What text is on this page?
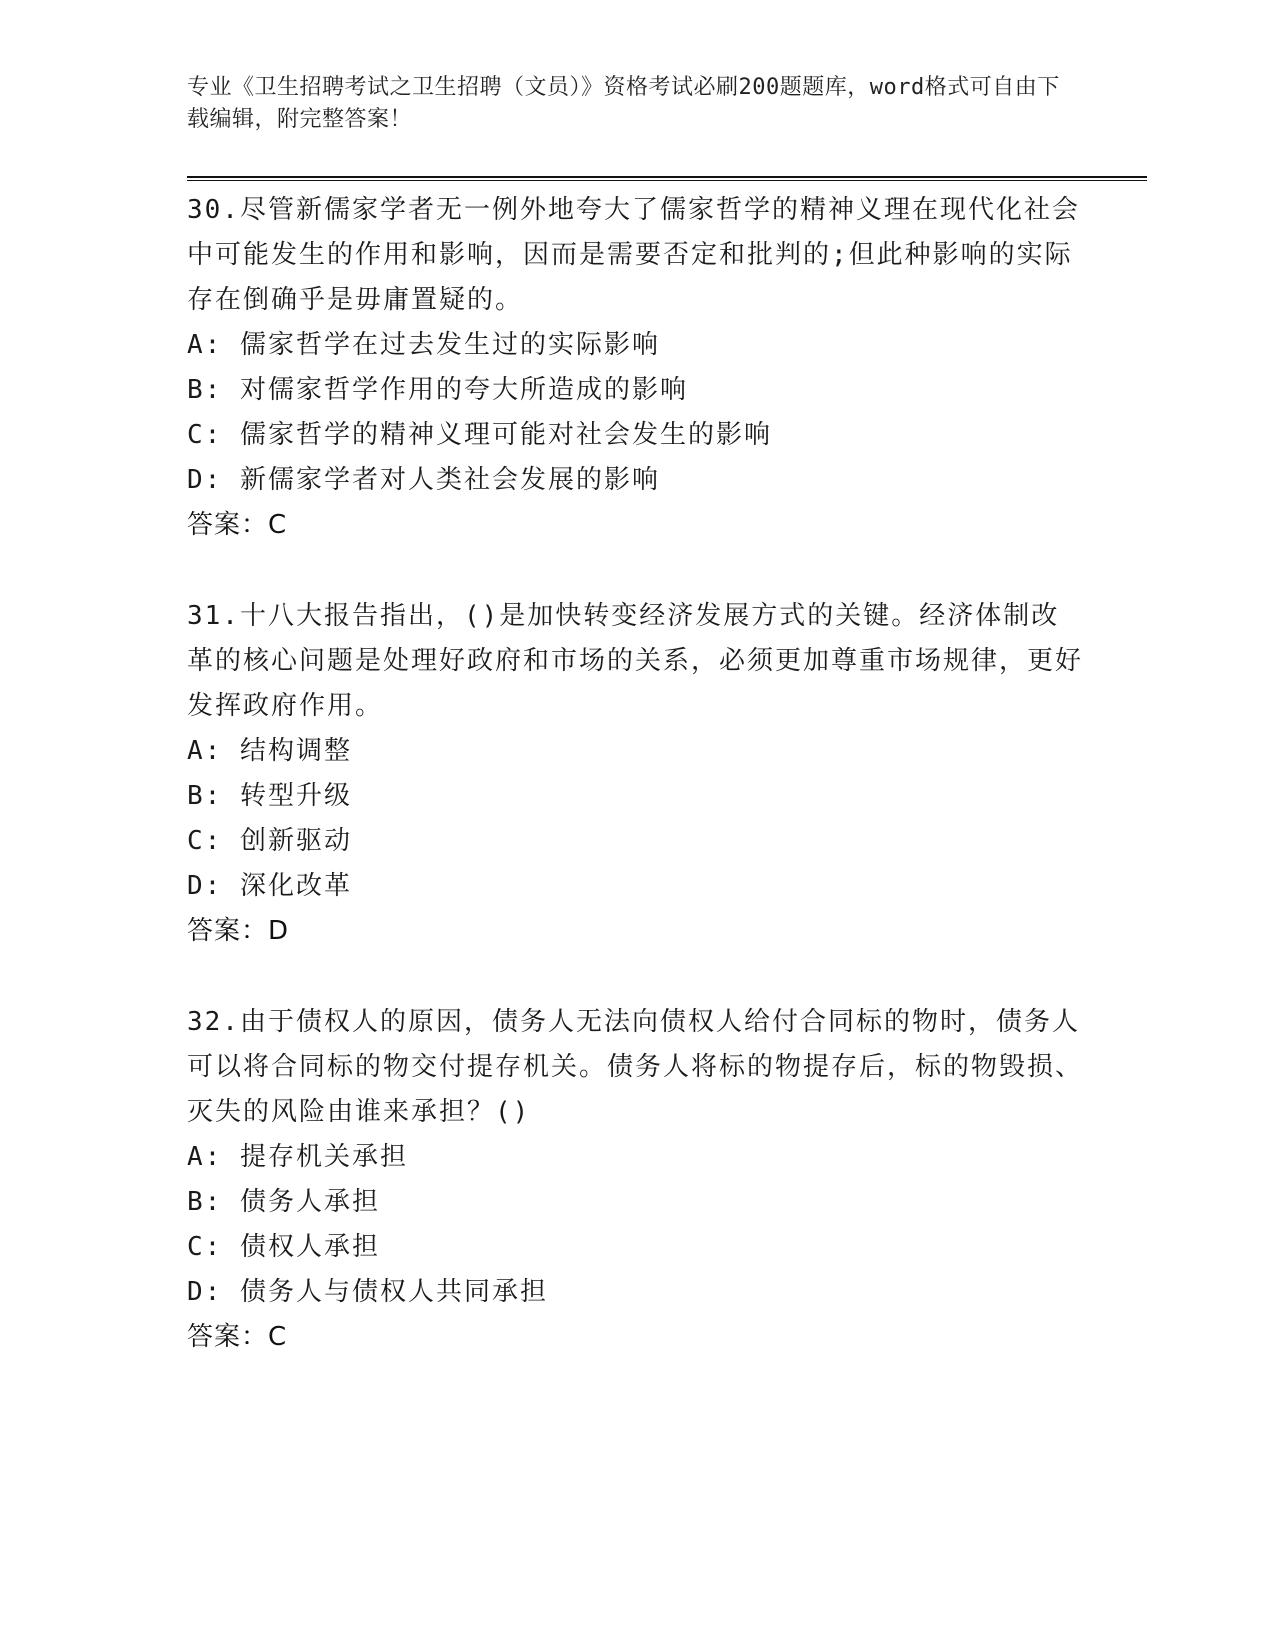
专业《卫生招聘考试之卫生招聘（文员）》资格考试必刷200题题库，word格式可自由下载编辑，附完整答案！
30.尽管新儒家学者无一例外地夸大了儒家哲学的精神义理在现代化社会中可能发生的作用和影响，因而是需要否定和批判的;但此种影响的实际存在倒确乎是毋庸置疑的。
A: 儒家哲学在过去发生过的实际影响
B: 对儒家哲学作用的夸大所造成的影响
C: 儒家哲学的精神义理可能对社会发生的影响
D: 新儒家学者对人类社会发展的影响
答案：C
31.十八大报告指出，()是加快转变经济发展方式的关键。经济体制改革的核心问题是处理好政府和市场的关系，必须更加尊重市场规律，更好发挥政府作用。
A: 结构调整
B: 转型升级
C: 创新驱动
D: 深化改革
答案：D
32.由于债权人的原因，债务人无法向债权人给付合同标的物时，债务人可以将合同标的物交付提存机关。债务人将标的物提存后，标的物毁损、灭失的风险由谁来承担？()
A: 提存机关承担
B: 债务人承担
C: 债权人承担
D: 债务人与债权人共同承担
答案：C
